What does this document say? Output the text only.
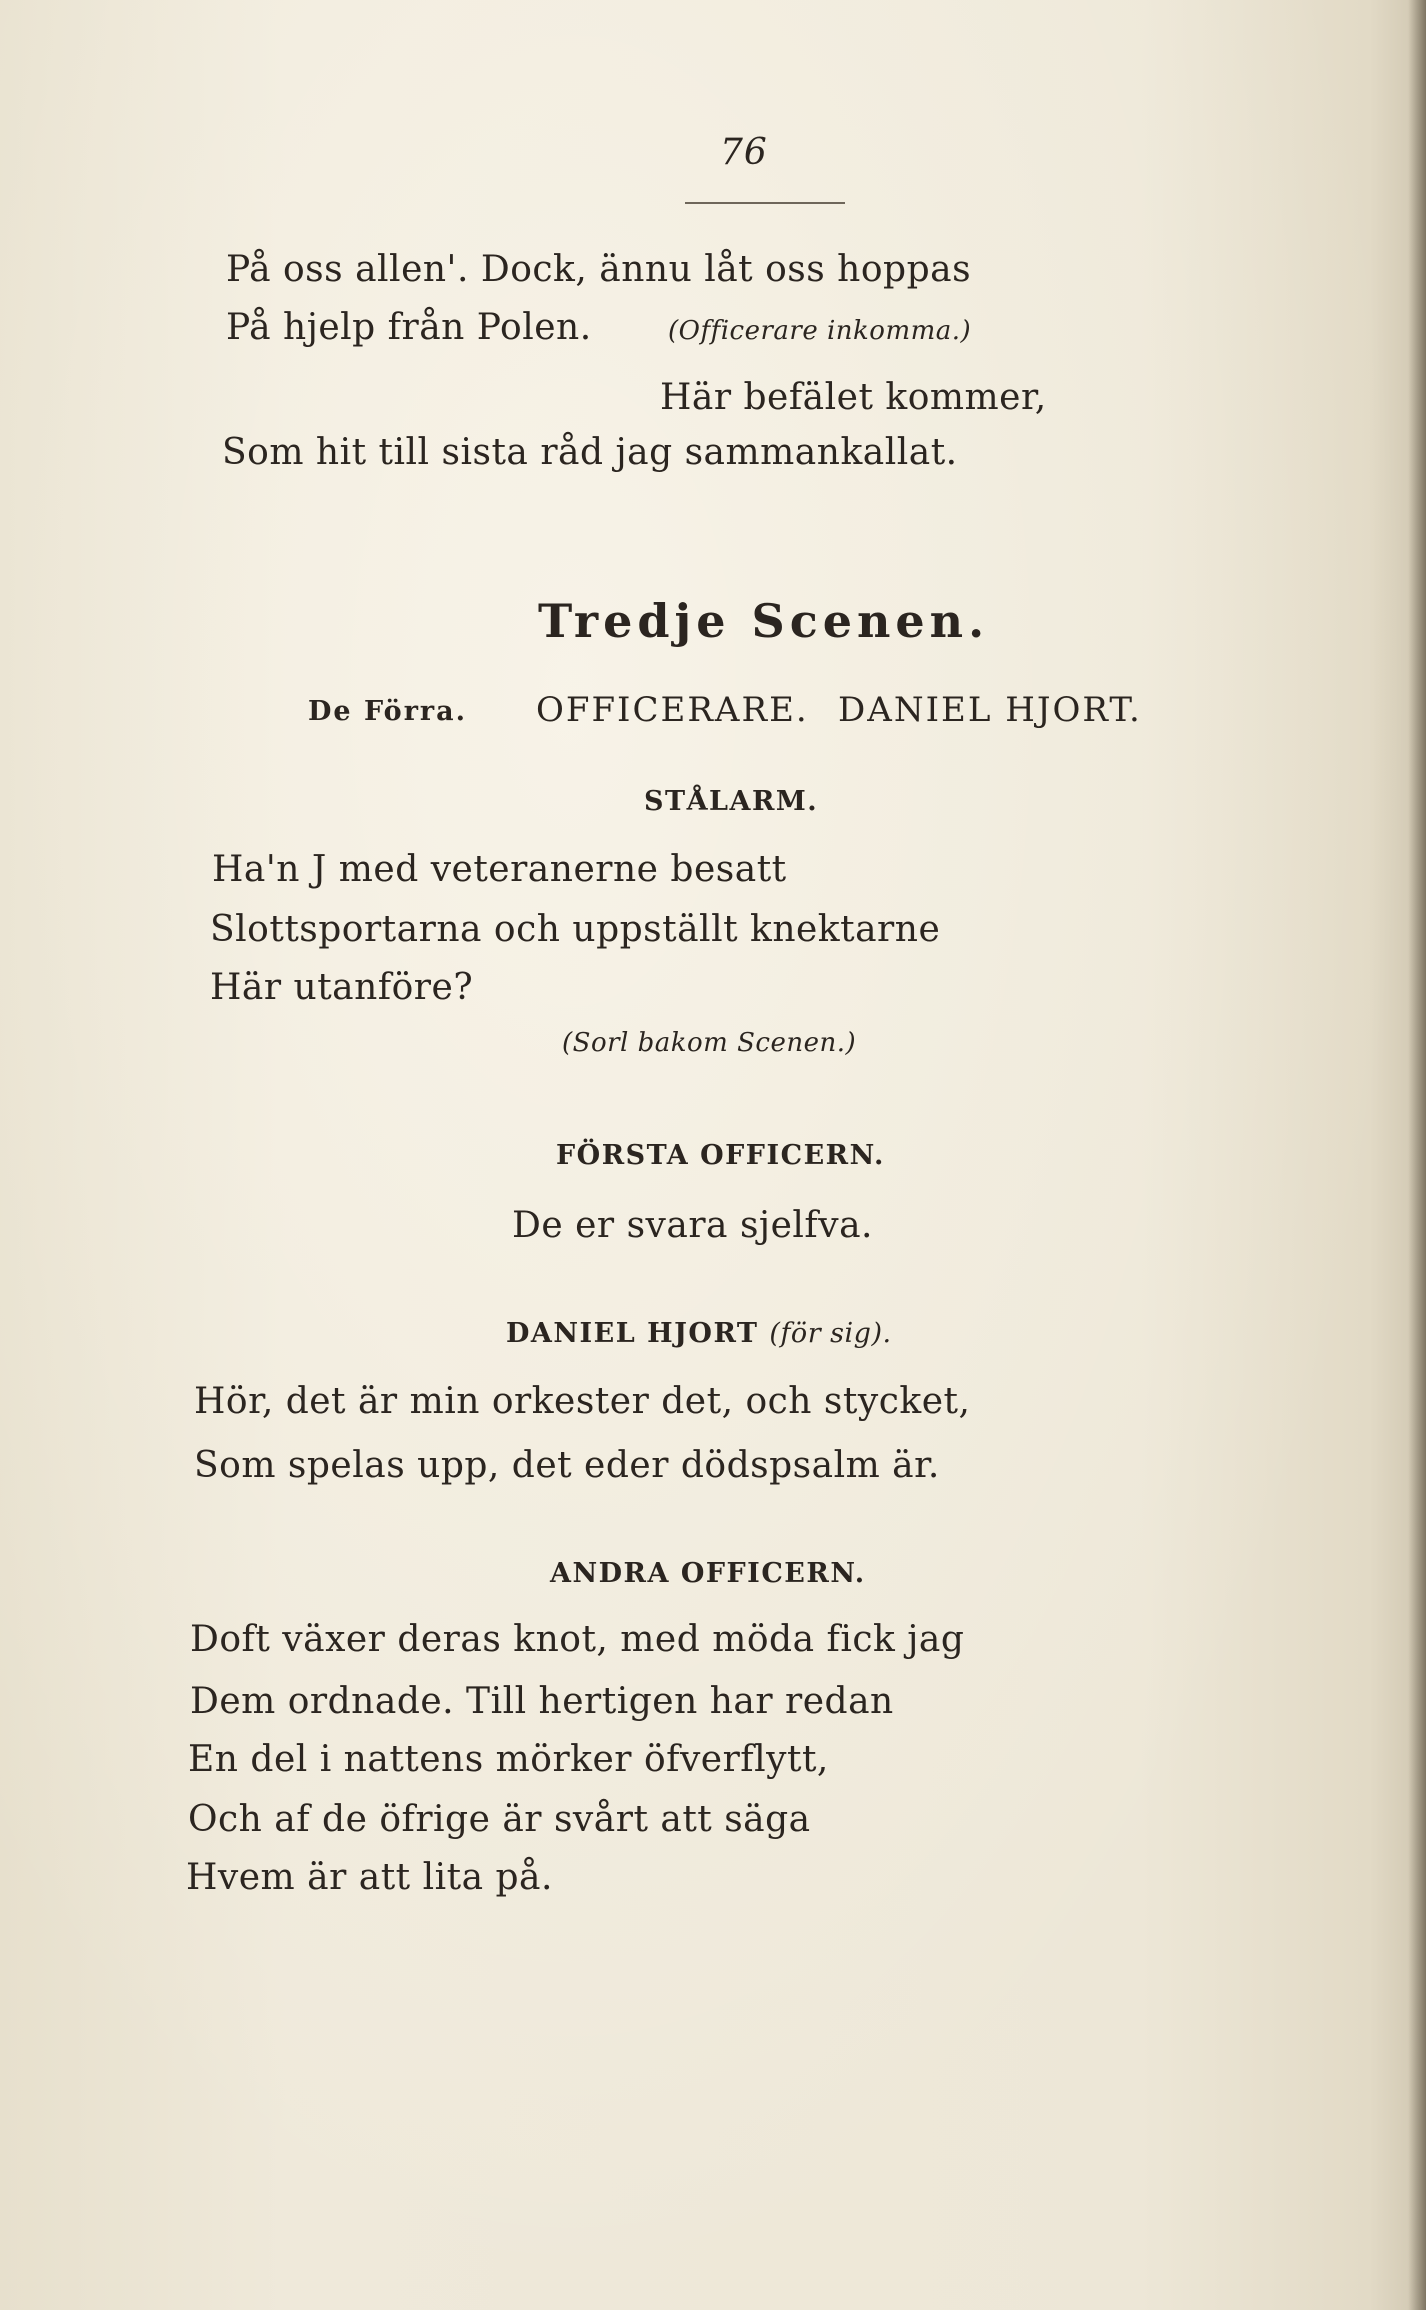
76
På oss allen'. Dock, ännu låt oss hoppas
På hjelp från Polen.	(Officerare inkomma.)
Här befälet kommer,
Som hit till sista råd jag sammankallat.
Tredje Scenen.
De Förra. OFFICERARE. DANIEL HJORT.
STÅLARM.
Ha'n J med veteranerne besatt
Slottsportarna och uppställt knektarne
Här utanföre?
(Sorl bakom Scenen.)
FÖRSTA OFFICERN.
De er svara sjelfva.
DANIEL HJORT (för sig).
Hör, det är min orkester det, och stycket,
Som spelas upp, det eder dödspsalm är.
ANDRA OFFICERN.
Doft växer deras knot, med möda fick jag
Dem ordnade. Till hertigen har redan
En del i nattens mörker öfverflytt,
Och af de öfrige är svårt att säga
Hvem är att lita på.
